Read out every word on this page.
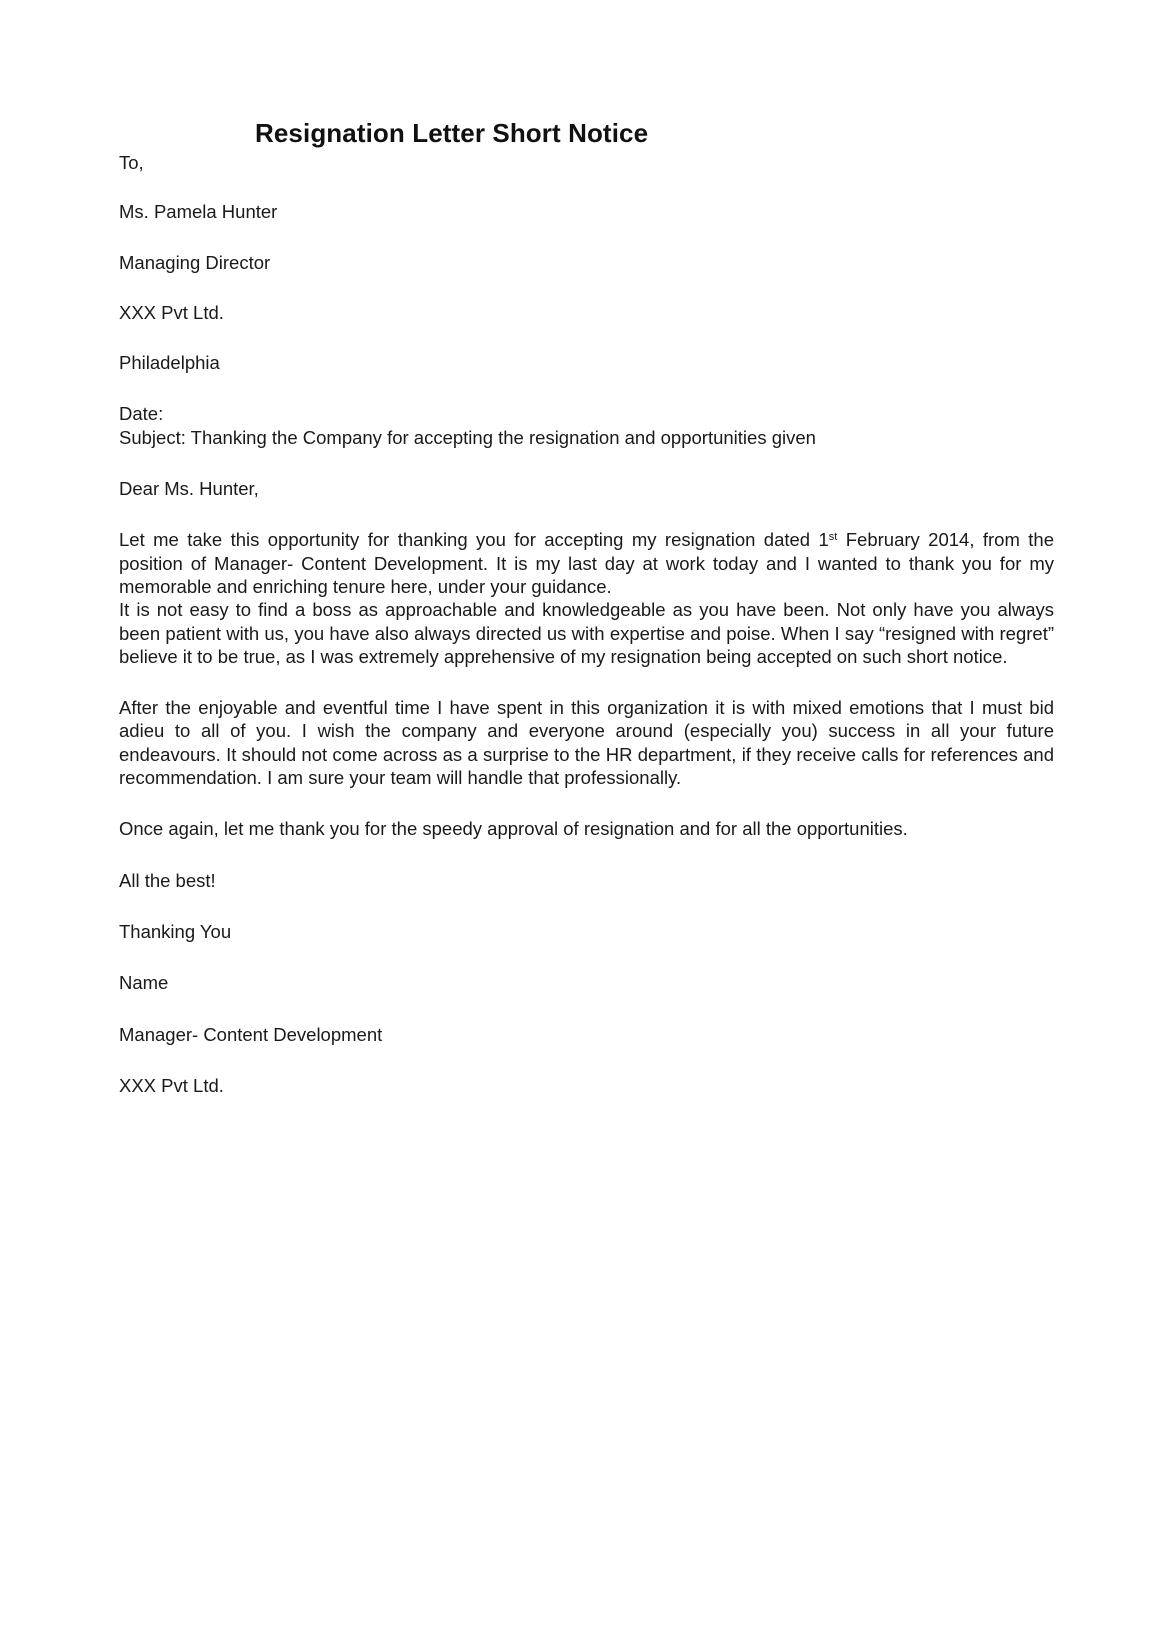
Resignation Letter Short Notice

To,

Ms. Pamela Hunter

Managing Director

XXX Pvt Ltd.

Philadelphia

Date:

Subject: Thanking the Company for accepting the resignation and opportunities given

Dear Ms. Hunter,

Let me take this opportunity for thanking you for accepting my resignation dated 1st February 2014, from the position of Manager- Content Development. It is my last day at work today and I wanted to thank you for my memorable and enriching tenure here, under your guidance.

It is not easy to find a boss as approachable and knowledgeable as you have been. Not only have you always been patient with us, you have also always directed us with expertise and poise. When I say “resigned with regret” believe it to be true, as I was extremely apprehensive of my resignation being accepted on such short notice.

After the enjoyable and eventful time I have spent in this organization it is with mixed emotions that I must bid adieu to all of you. I wish the company and everyone around (especially you) success in all your future endeavours. It should not come across as a surprise to the HR department, if they receive calls for references and recommendation. I am sure your team will handle that professionally.

Once again, let me thank you for the speedy approval of resignation and for all the opportunities.

All the best!

Thanking You

Name

Manager- Content Development

XXX Pvt Ltd.
